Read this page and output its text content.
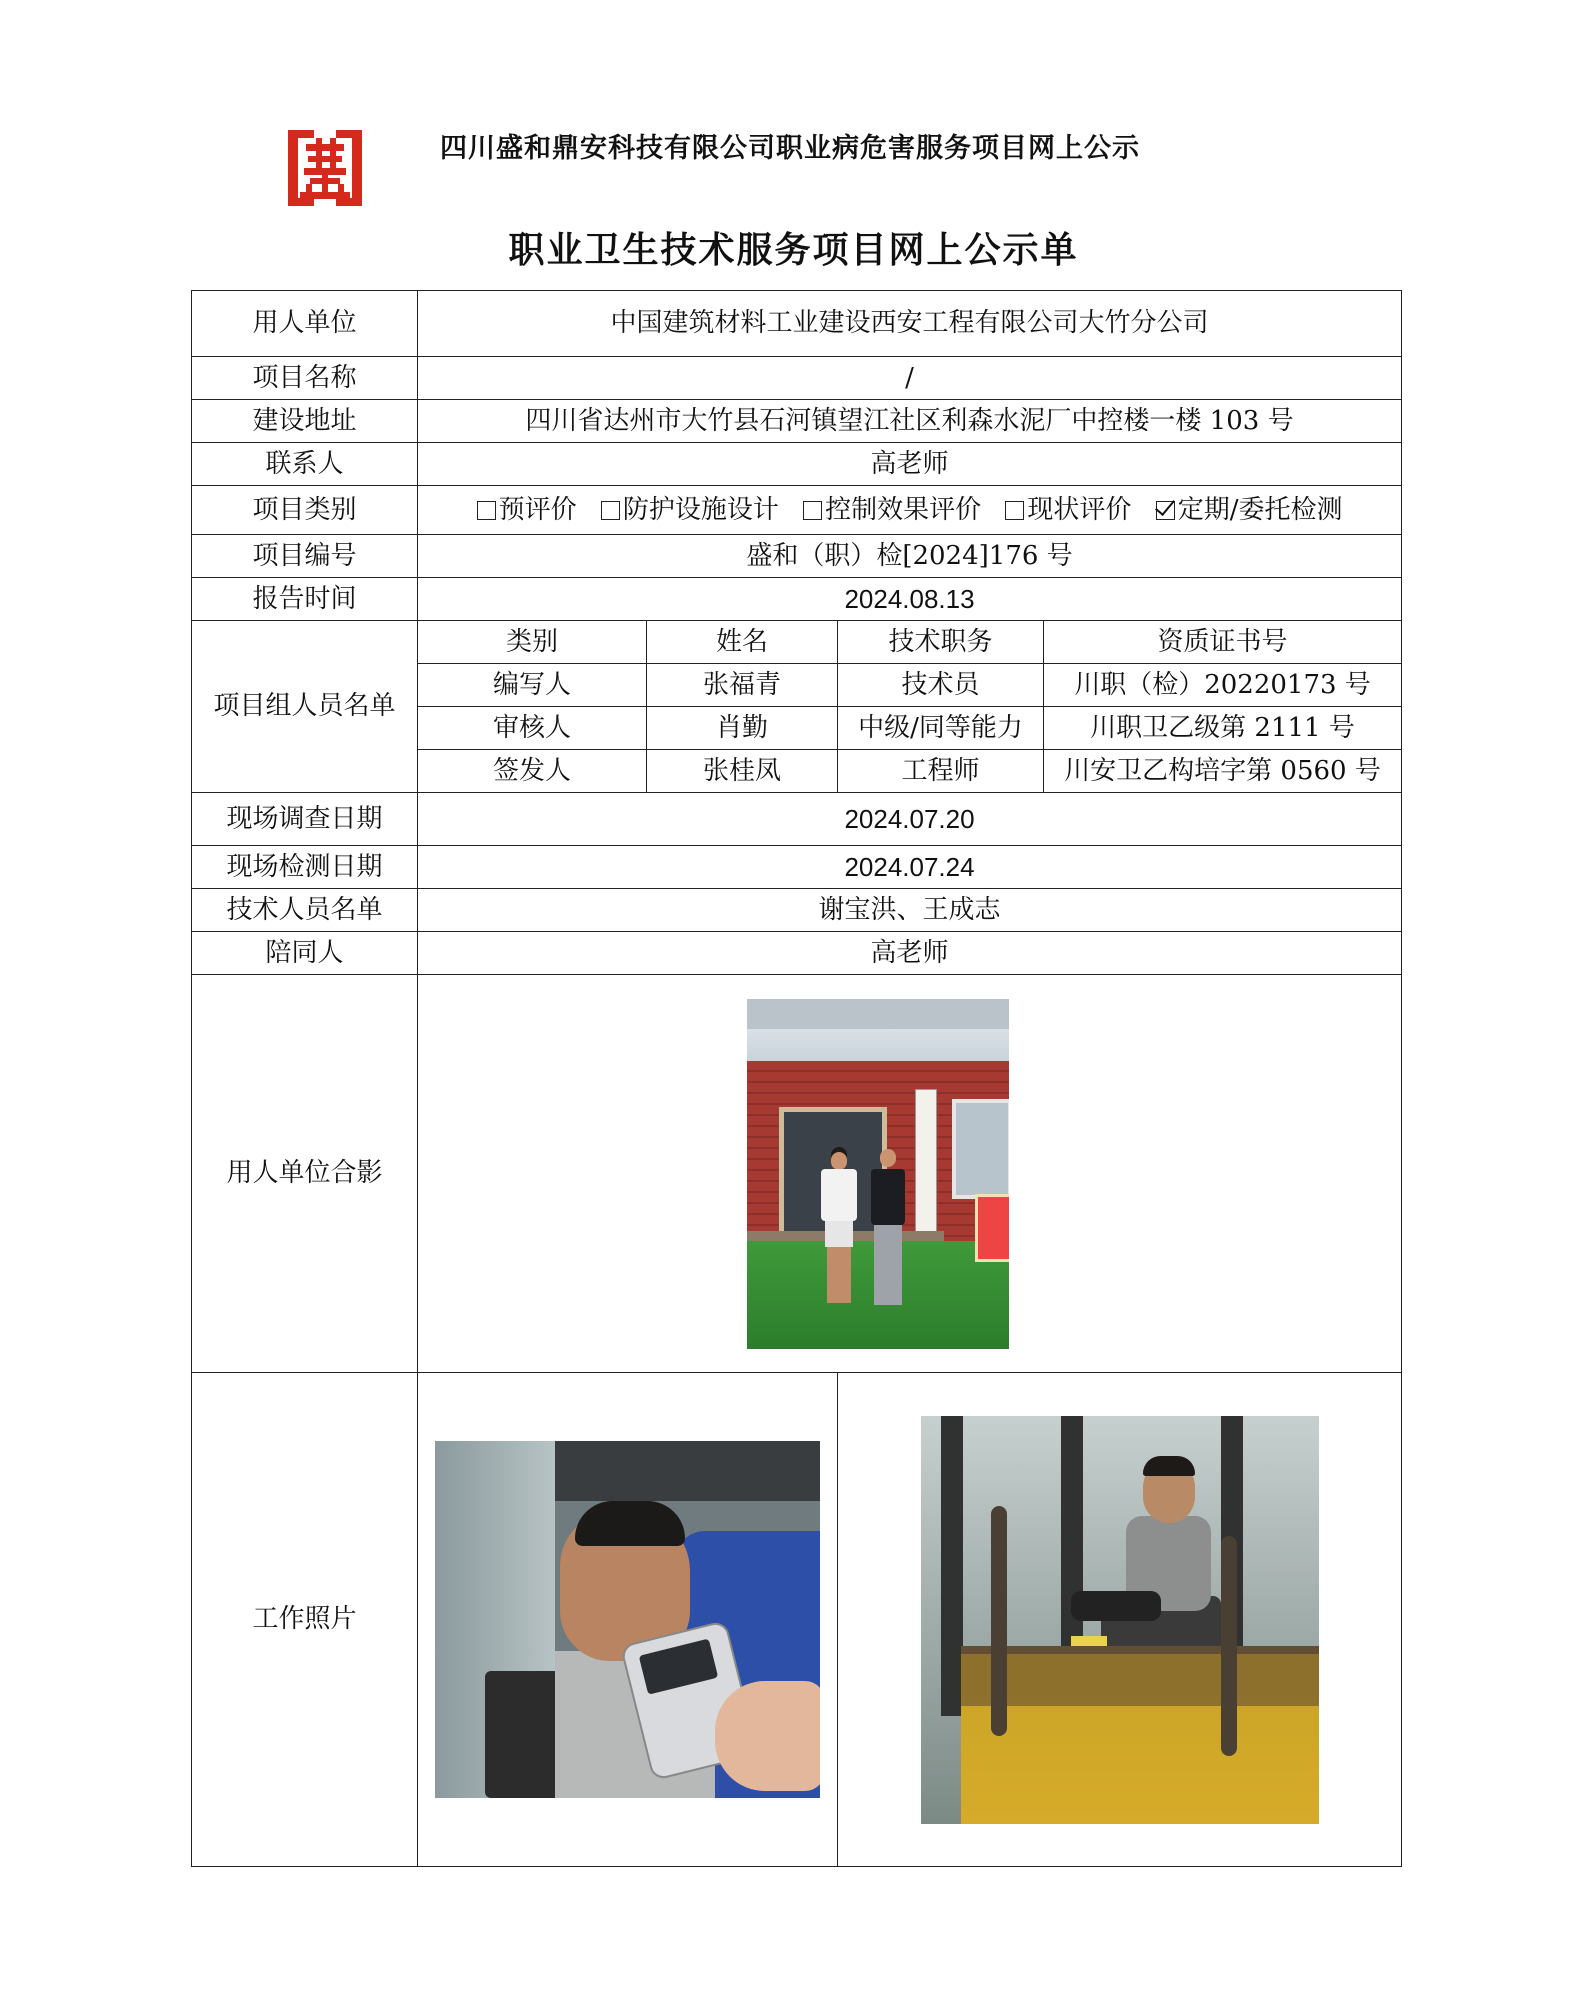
四川盛和鼎安科技有限公司职业病危害服务项目网上公示
职业卫生技术服务项目网上公示单
用人单位	中国建筑材料工业建设西安工程有限公司大竹分公司			
项目名称	/			
建设地址	四川省达州市大竹县石河镇望江社区利森水泥厂中控楼一楼 103 号			
联系人	高老师			
项目类别	预评价 防护设施设计 控制效果评价 现状评价 定期/委托检测			
项目编号	盛和（职）检[2024]176 号			
报告时间	2024.08.13			
项目组人员名单	类别	姓名	技术职务	资质证书号
	编写人	张福青	技术员	川职（检）20220173 号
	审核人	肖勤	中级/同等能力	川职卫乙级第 2111 号
	签发人	张桂凤	工程师	川安卫乙构培字第 0560 号
现场调查日期	2024.07.20			
现场检测日期	2024.07.24			
技术人员名单	谢宝洪、王成志			
陪同人	高老师			
用人单位合影				

工作照片			
